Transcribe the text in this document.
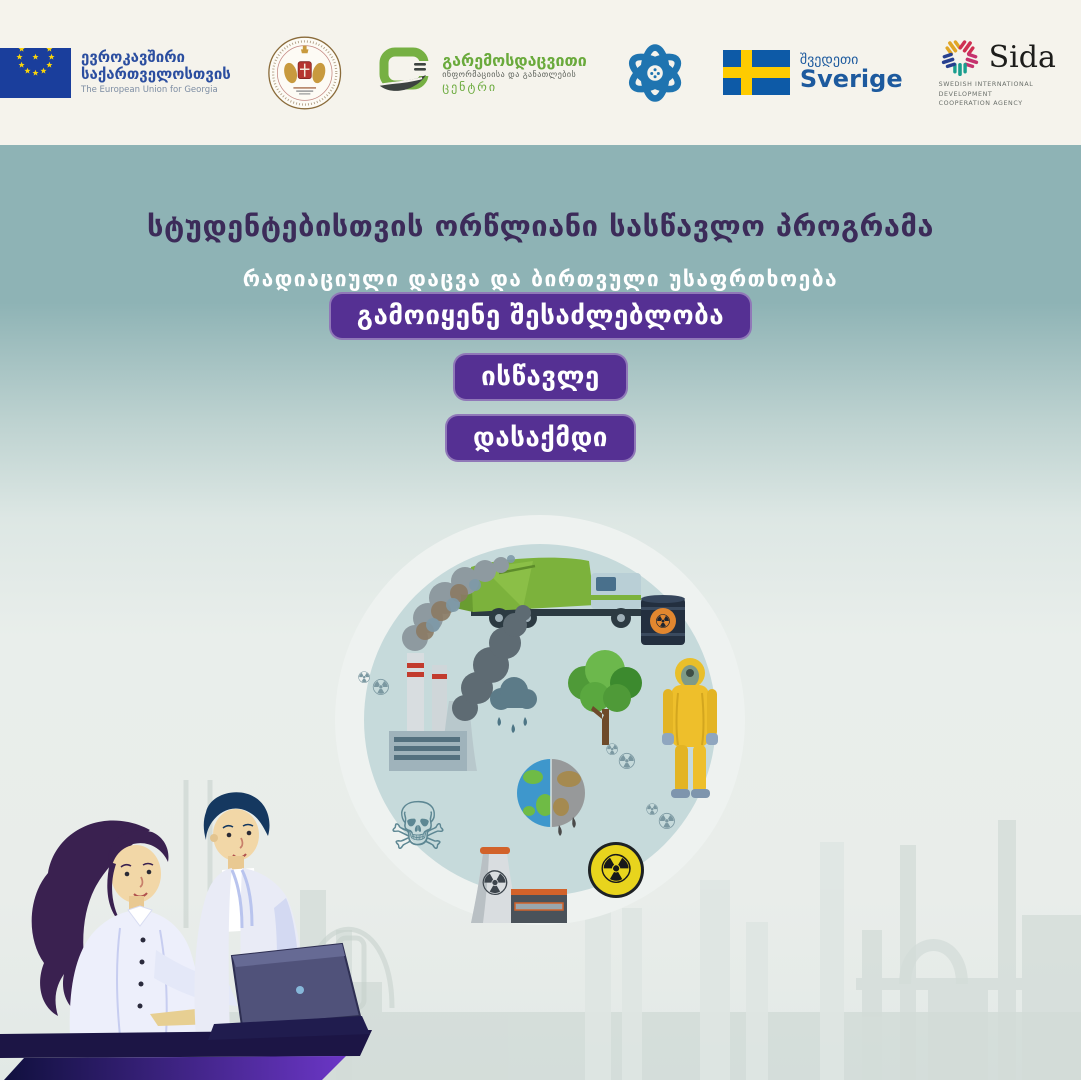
ევროკავშირი
საქართველოსთვის
The European Union for Georgia
გარემოსდაცვითი
ინფორმაციისა და განათლების
ცენტრი
შვედეთი
Sverige
Sida
SWEDISH INTERNATIONAL DEVELOPMENT
COOPERATION AGENCY
სტუდენტებისთვის ორწლიანი სასწავლო პროგრამა
რადიაციული დაცვა და ბირთვული უსაფრთხოება
გამოიყენე შესაძლებლობა
ისწავლე
დასაქმდი
☢
☠
☢ ☢
☢ ☢
☢
☢
☢
☢
